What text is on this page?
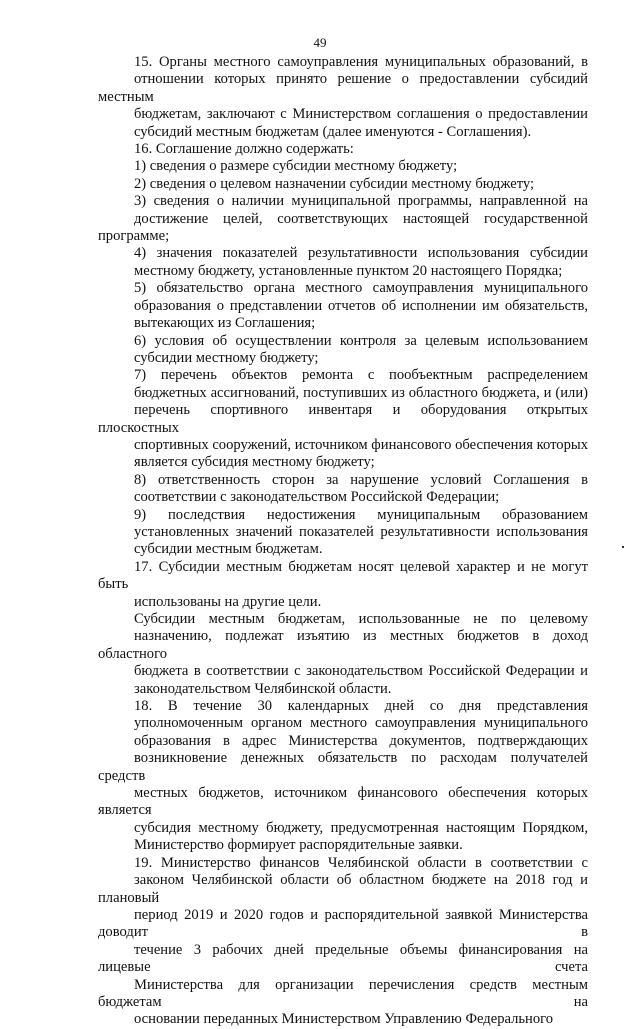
49

15. Органы местного самоуправления муниципальных образований, в
отношении которых принято решение о предоставлении субсидий местным
бюджетам, заключают с Министерством соглашения о предоставлении
субсидий местным бюджетам (далее именуются - Соглашения).

16. Соглашение должно содержать:

1) сведения о размере субсидии местному бюджету;

2) сведения о целевом назначении субсидии местному бюджету;

3) сведения о наличии муниципальной программы, направленной на
достижение целей, соответствующих настоящей государственной программе;

4) значения показателей результативности использования субсидии
местному бюджету, установленные пунктом 20 настоящего Порядка;

5) обязательство органа местного самоуправления муниципального
образования о представлении отчетов об исполнении им обязательств,
вытекающих из Соглашения;

6) условия об осуществлении контроля за целевым использованием
субсидии местному бюджету;

7) перечень объектов ремонта с пообъектным распределением
бюджетных ассигнований, поступивших из областного бюджета, и (или)
перечень спортивного инвентаря и оборудования открытых плоскостных
спортивных сооружений, источником финансового обеспечения которых
является субсидия местному бюджету;

8) ответственность сторон за нарушение условий Соглашения в
соответствии с законодательством Российской Федерации;

9) последствия недостижения муниципальным образованием
установленных значений показателей результативности использования
субсидии местным бюджетам.

17. Субсидии местным бюджетам носят целевой характер и не могут быть
использованы на другие цели.

Субсидии местным бюджетам, использованные не по целевому
назначению, подлежат изъятию из местных бюджетов в доход областного
бюджета в соответствии с законодательством Российской Федерации и
законодательством Челябинской области.

18. В течение 30 календарных дней со дня представления
уполномоченным органом местного самоуправления муниципального
образования в адрес Министерства документов, подтверждающих
возникновение денежных обязательств по расходам получателей средств
местных бюджетов, источником финансового обеспечения которых является
субсидия местному бюджету, предусмотренная настоящим Порядком,
Министерство формирует распорядительные заявки.

19. Министерство финансов Челябинской области в соответствии с
законом Челябинской области об областном бюджете на 2018 год и плановый
период 2019 и 2020 годов и распорядительной заявкой Министерства доводит в
течение 3 рабочих дней предельные объемы финансирования на лицевые счета
Министерства для организации перечисления средств местным бюджетам на
основании переданных Министерством Управлению Федерального
